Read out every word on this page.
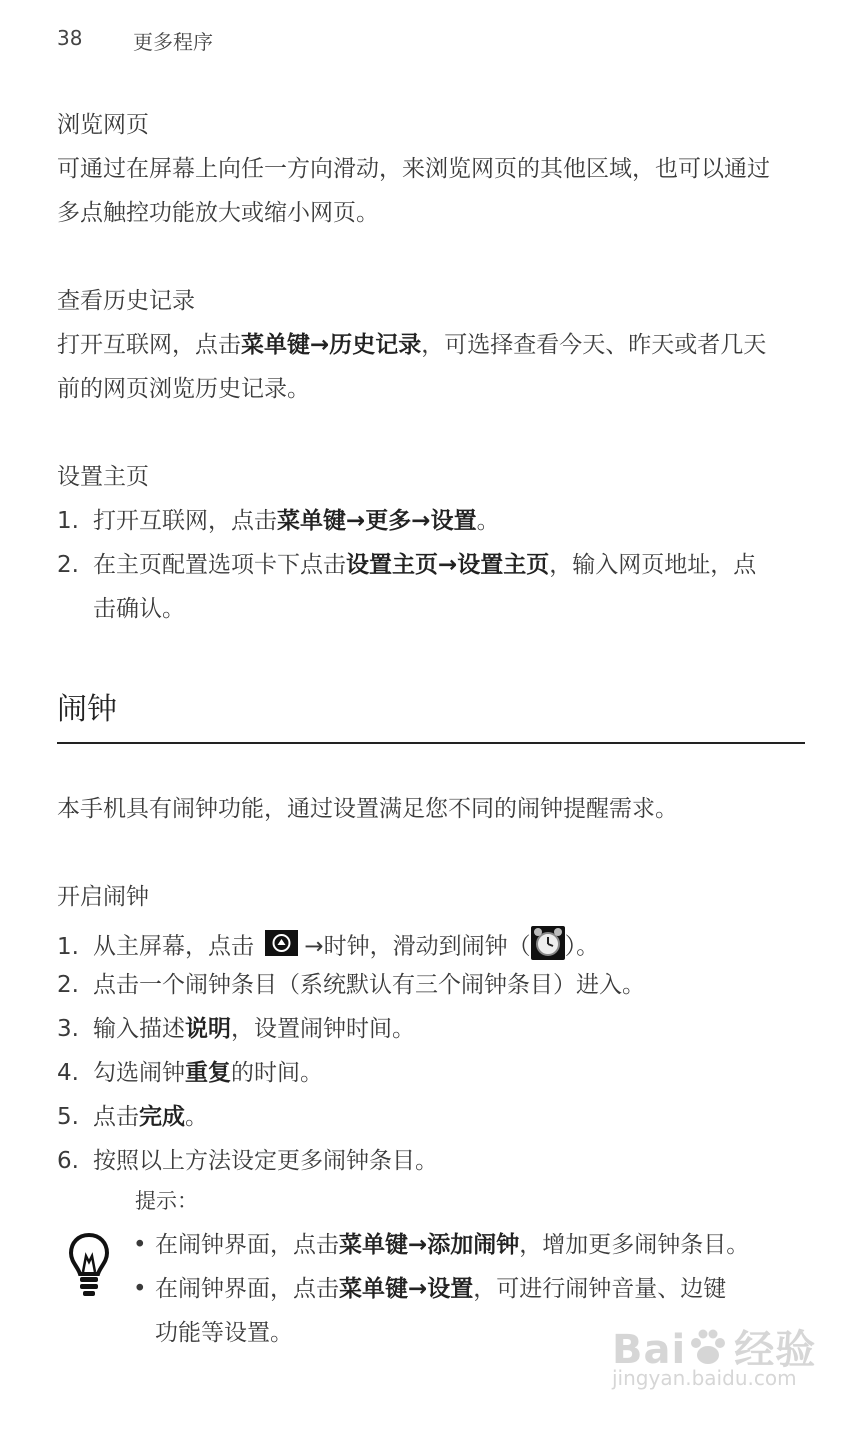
38	更多程序
浏览网页
可通过在屏幕上向任一方向滑动，来浏览网页的其他区域，也可以通过
多点触控功能放大或缩小网页。
查看历史记录
打开互联网，点击菜单键→历史记录，可选择查看今天、昨天或者几天
前的网页浏览历史记录。
设置主页
1. 打开互联网，点击菜单键→更多→设置。
2. 在主页配置选项卡下点击设置主页→设置主页，输入网页地址，点
击确认。
闹钟
本手机具有闹钟功能，通过设置满足您不同的闹钟提醒需求。
开启闹钟
1. 从主屏幕，点击 →时钟，滑动到闹钟（ ）。
2. 点击一个闹钟条目（系统默认有三个闹钟条目）进入。
3. 输入描述说明，设置闹钟时间。
4. 勾选闹钟重复的时间。
5. 点击完成。
6. 按照以上方法设定更多闹钟条目。
提示：
• 在闹钟界面，点击菜单键→添加闹钟，增加更多闹钟条目。
• 在闹钟界面，点击菜单键→设置，可进行闹钟音量、边键
功能等设置。	Bai 经验
jingyan.baidu.com
